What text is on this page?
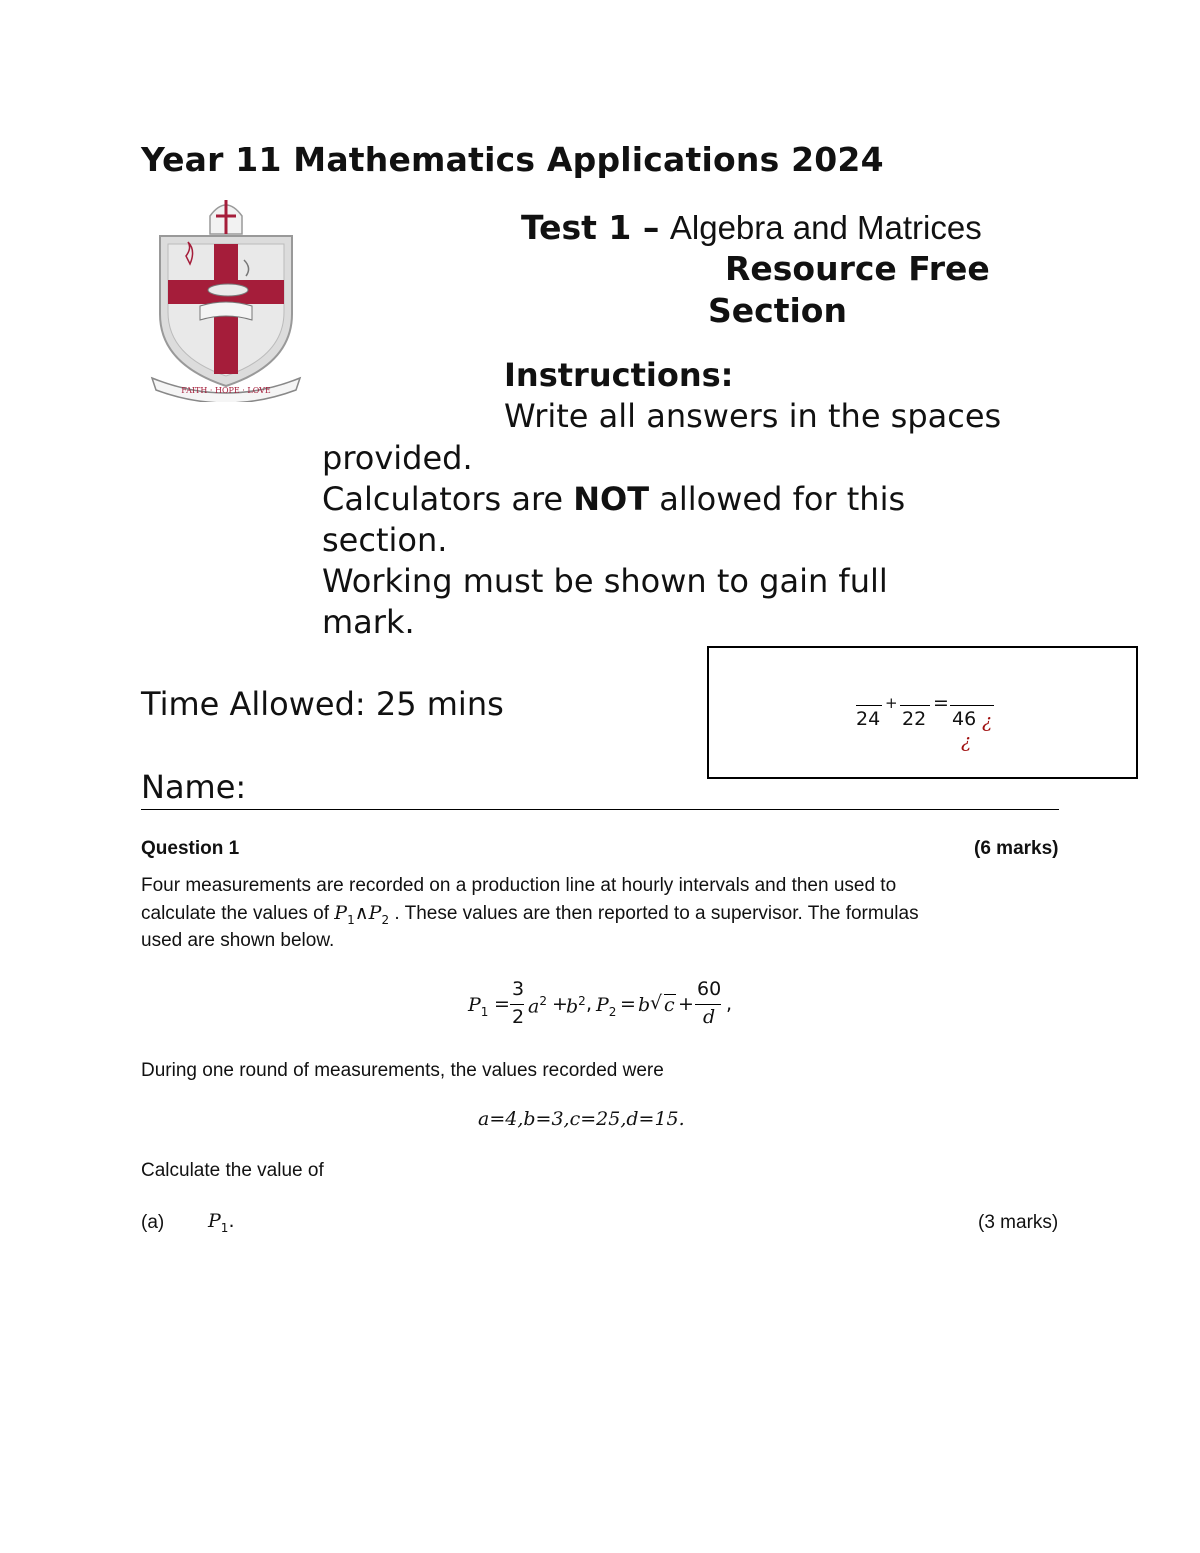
Year 11 Mathematics Applications 2024
FAITH · HOPE · LOVE
Test 1 – Algebra and Matrices
Resource Free
Section
Instructions:
Write all answers in the spaces
provided.
Calculators are NOT allowed for this
section.
Working must be shown to gain full
mark.
Time Allowed: 25 mins
Name:
24
+
22
=
46 ¿
¿
Question 1	(6 marks)
Four measurements are recorded on a production line at hourly intervals and then used to
calculate the values of $P_1\wedge P_2$ . These values are then reported to a supervisor. The formulas
used are shown below.
$P_1$ =
3
2 $a^2$ +
$b^2$ , $P_2 = b$ √ c +
60
d
,
During one round of measurements, the values recorded were
a=4,b=3,c=25,d=15.
Calculate the value of
(a) $P_1$.	(3 marks)
